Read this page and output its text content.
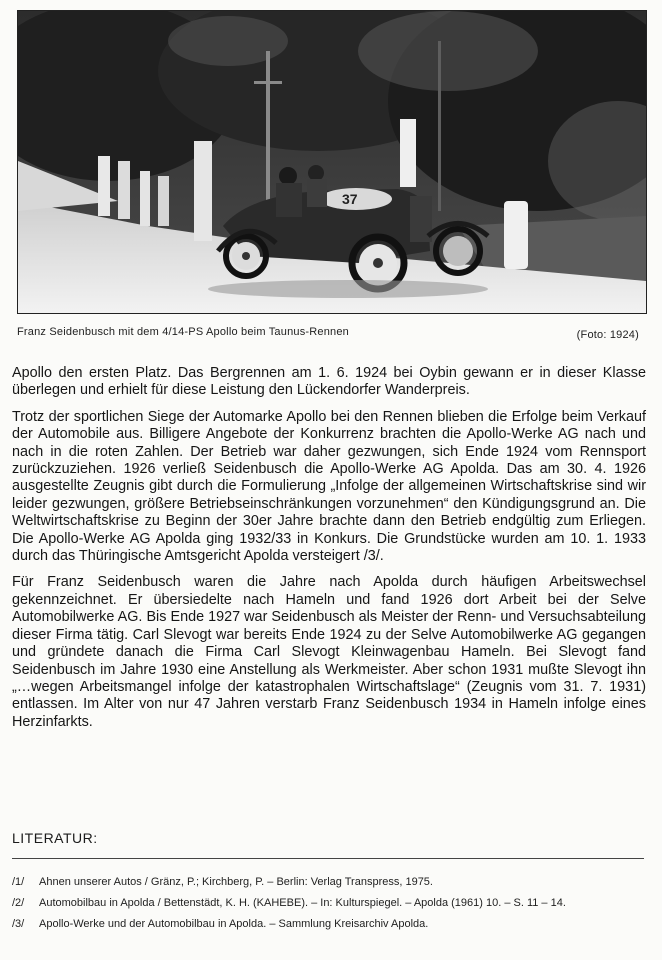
37
Franz Seidenbusch mit dem 4/14-PS Apollo beim Taunus-Rennen	(Foto: 1924)

Apollo den ersten Platz. Das Bergrennen am 1. 6. 1924 bei Oybin gewann er in dieser Klasse überlegen und erhielt für diese Leistung den Lückendorfer Wanderpreis.

Trotz der sportlichen Siege der Automarke Apollo bei den Rennen blieben die Erfolge beim Verkauf der Automobile aus. Billigere Angebote der Konkurrenz brachten die Apollo-Werke AG nach und nach in die roten Zahlen. Der Betrieb war daher gezwungen, sich Ende 1924 vom Rennsport zurückzuziehen. 1926 verließ Seidenbusch die Apollo-Werke AG Apolda. Das am 30. 4. 1926 ausgestellte Zeugnis gibt durch die Formulierung „Infolge der allgemeinen Wirtschaftskrise sind wir leider gezwungen, größere Betriebseinschränkungen vorzunehmen“ den Kündigungsgrund an. Die Weltwirtschaftskrise zu Beginn der 30er Jahre brachte dann den Betrieb endgültig zum Erliegen. Die Apollo-Werke AG Apolda ging 1932/33 in Konkurs. Die Grundstücke wurden am 10. 1. 1933 durch das Thüringische Amtsgericht Apolda versteigert /3/.

Für Franz Seidenbusch waren die Jahre nach Apolda durch häufigen Arbeitswechsel gekennzeichnet. Er übersiedelte nach Hameln und fand 1926 dort Arbeit bei der Selve Automobilwerke AG. Bis Ende 1927 war Seidenbusch als Meister der Renn- und Versuchsabteilung dieser Firma tätig. Carl Slevogt war bereits Ende 1924 zu der Selve Automobilwerke AG gegangen und gründete danach die Firma Carl Slevogt Kleinwagenbau Hameln. Bei Slevogt fand Seidenbusch im Jahre 1930 eine Anstellung als Werkmeister. Aber schon 1931 mußte Slevogt ihn „…wegen Arbeitsmangel infolge der katastrophalen Wirtschaftslage“ (Zeugnis vom 31. 7. 1931) entlassen. Im Alter von nur 47 Jahren verstarb Franz Seidenbusch 1934 in Hameln infolge eines Herzinfarkts.

LITERATUR:
/1/ Ahnen unserer Autos / Gränz, P.; Kirchberg, P. – Berlin: Verlag Transpress, 1975.
/2/ Automobilbau in Apolda / Bettenstädt, K. H. (KAHEBE). – In: Kulturspiegel. – Apolda (1961) 10. – S. 11 – 14.
/3/ Apollo-Werke und der Automobilbau in Apolda. – Sammlung Kreisarchiv Apolda.
